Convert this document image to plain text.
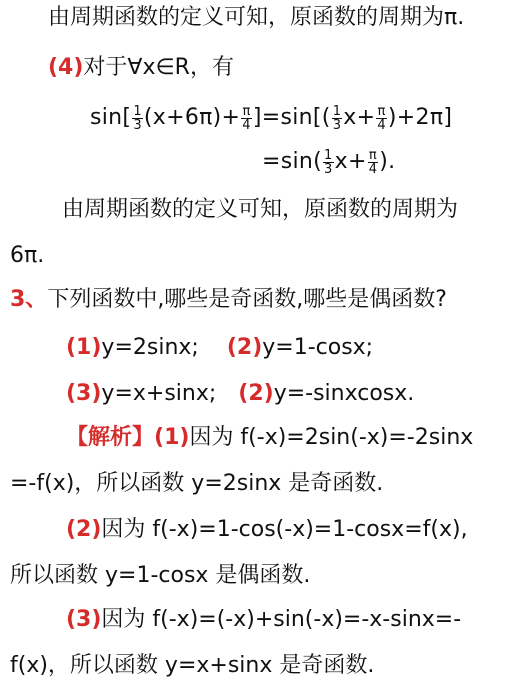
由周期函数的定义可知，原函数的周期为π.
(4)对于∀x∈R，有
$\sin[ \frac{1}{3} (x+6\pi)+ \frac{\pi}{4} ]=\sin[( \frac{1}{3} x+ \frac{\pi}{4} )+2\pi]$
$=\sin( \frac{1}{3} x+ \frac{\pi}{4}$ ).
由周期函数的定义可知，原函数的周期为
6π.
3、下列函数中,哪些是奇函数,哪些是偶函数?
(1)y=2sinx; (2)y=1-cosx;
(3)y=x+sinx; (2)y=-sinxcosx.
【解析】(1)因为 f(-x)=2sin(-x)=-2sinx
=-f(x)，所以函数 y=2sinx 是奇函数.
(2)因为 f(-x)=1-cos(-x)=1-cosx=f(x),
所以函数 y=1-cosx 是偶函数.
(3)因为 f(-x)=(-x)+sin(-x)=-x-sinx=-
f(x)，所以函数 y=x+sinx 是奇函数.
